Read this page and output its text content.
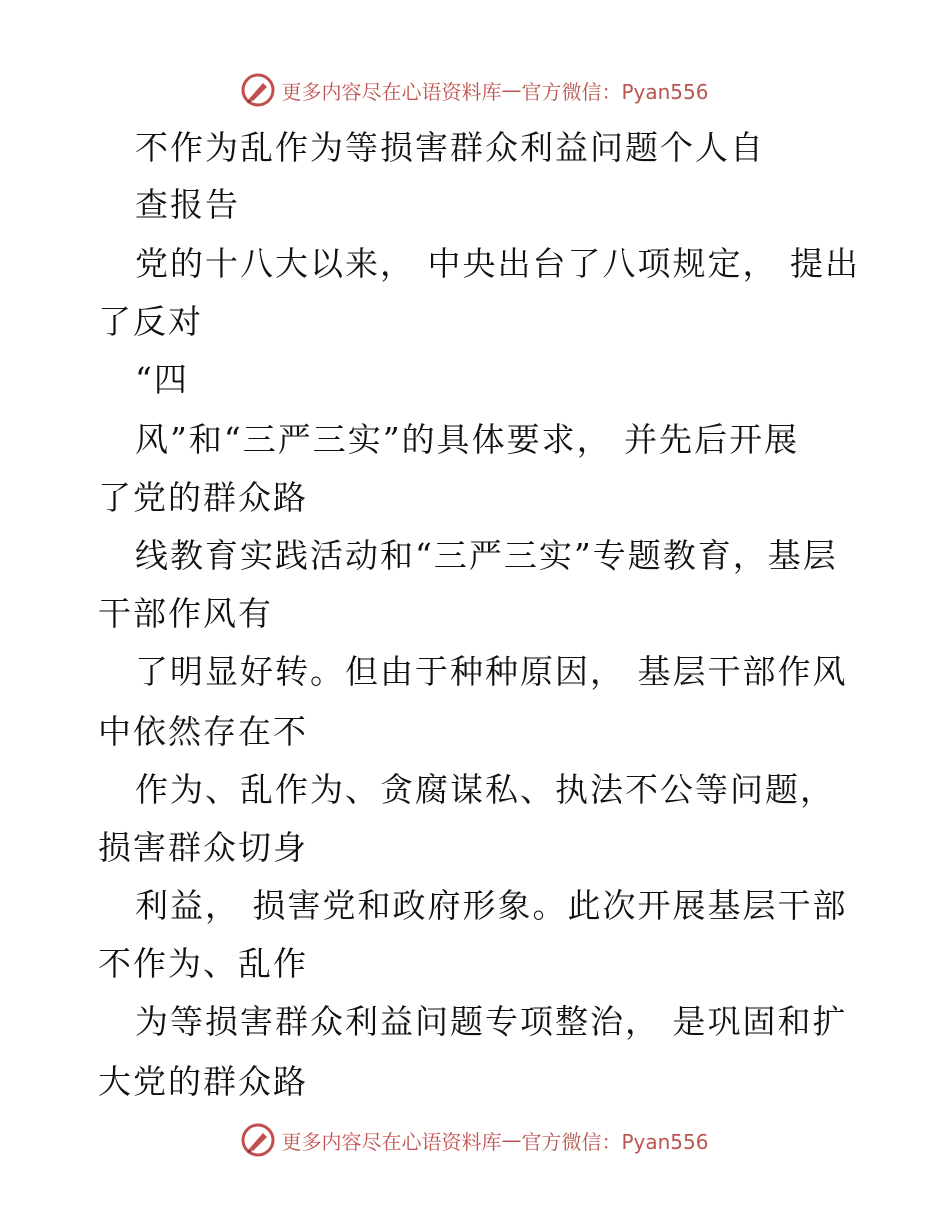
更多内容尽在心语资料库 — 官方微信：Pyan556
不作为乱作为等损害群众利益问题个人自
查报告
党的十八大以来， 中央出台了八项规定， 提出
了反对
“四
风”和“三严三实”的具体要求， 并先后开展
了党的群众路
线教育实践活动和“三严三实”专题教育，基层
干部作风有
了明显好转。但由于种种原因， 基层干部作风
中依然存在不
作为、乱作为、贪腐谋私、执法不公等问题，
损害群众切身
利益， 损害党和政府形象。此次开展基层干部
不作为、乱作
为等损害群众利益问题专项整治， 是巩固和扩
大党的群众路
更多内容尽在心语资料库 — 官方微信：Pyan556
